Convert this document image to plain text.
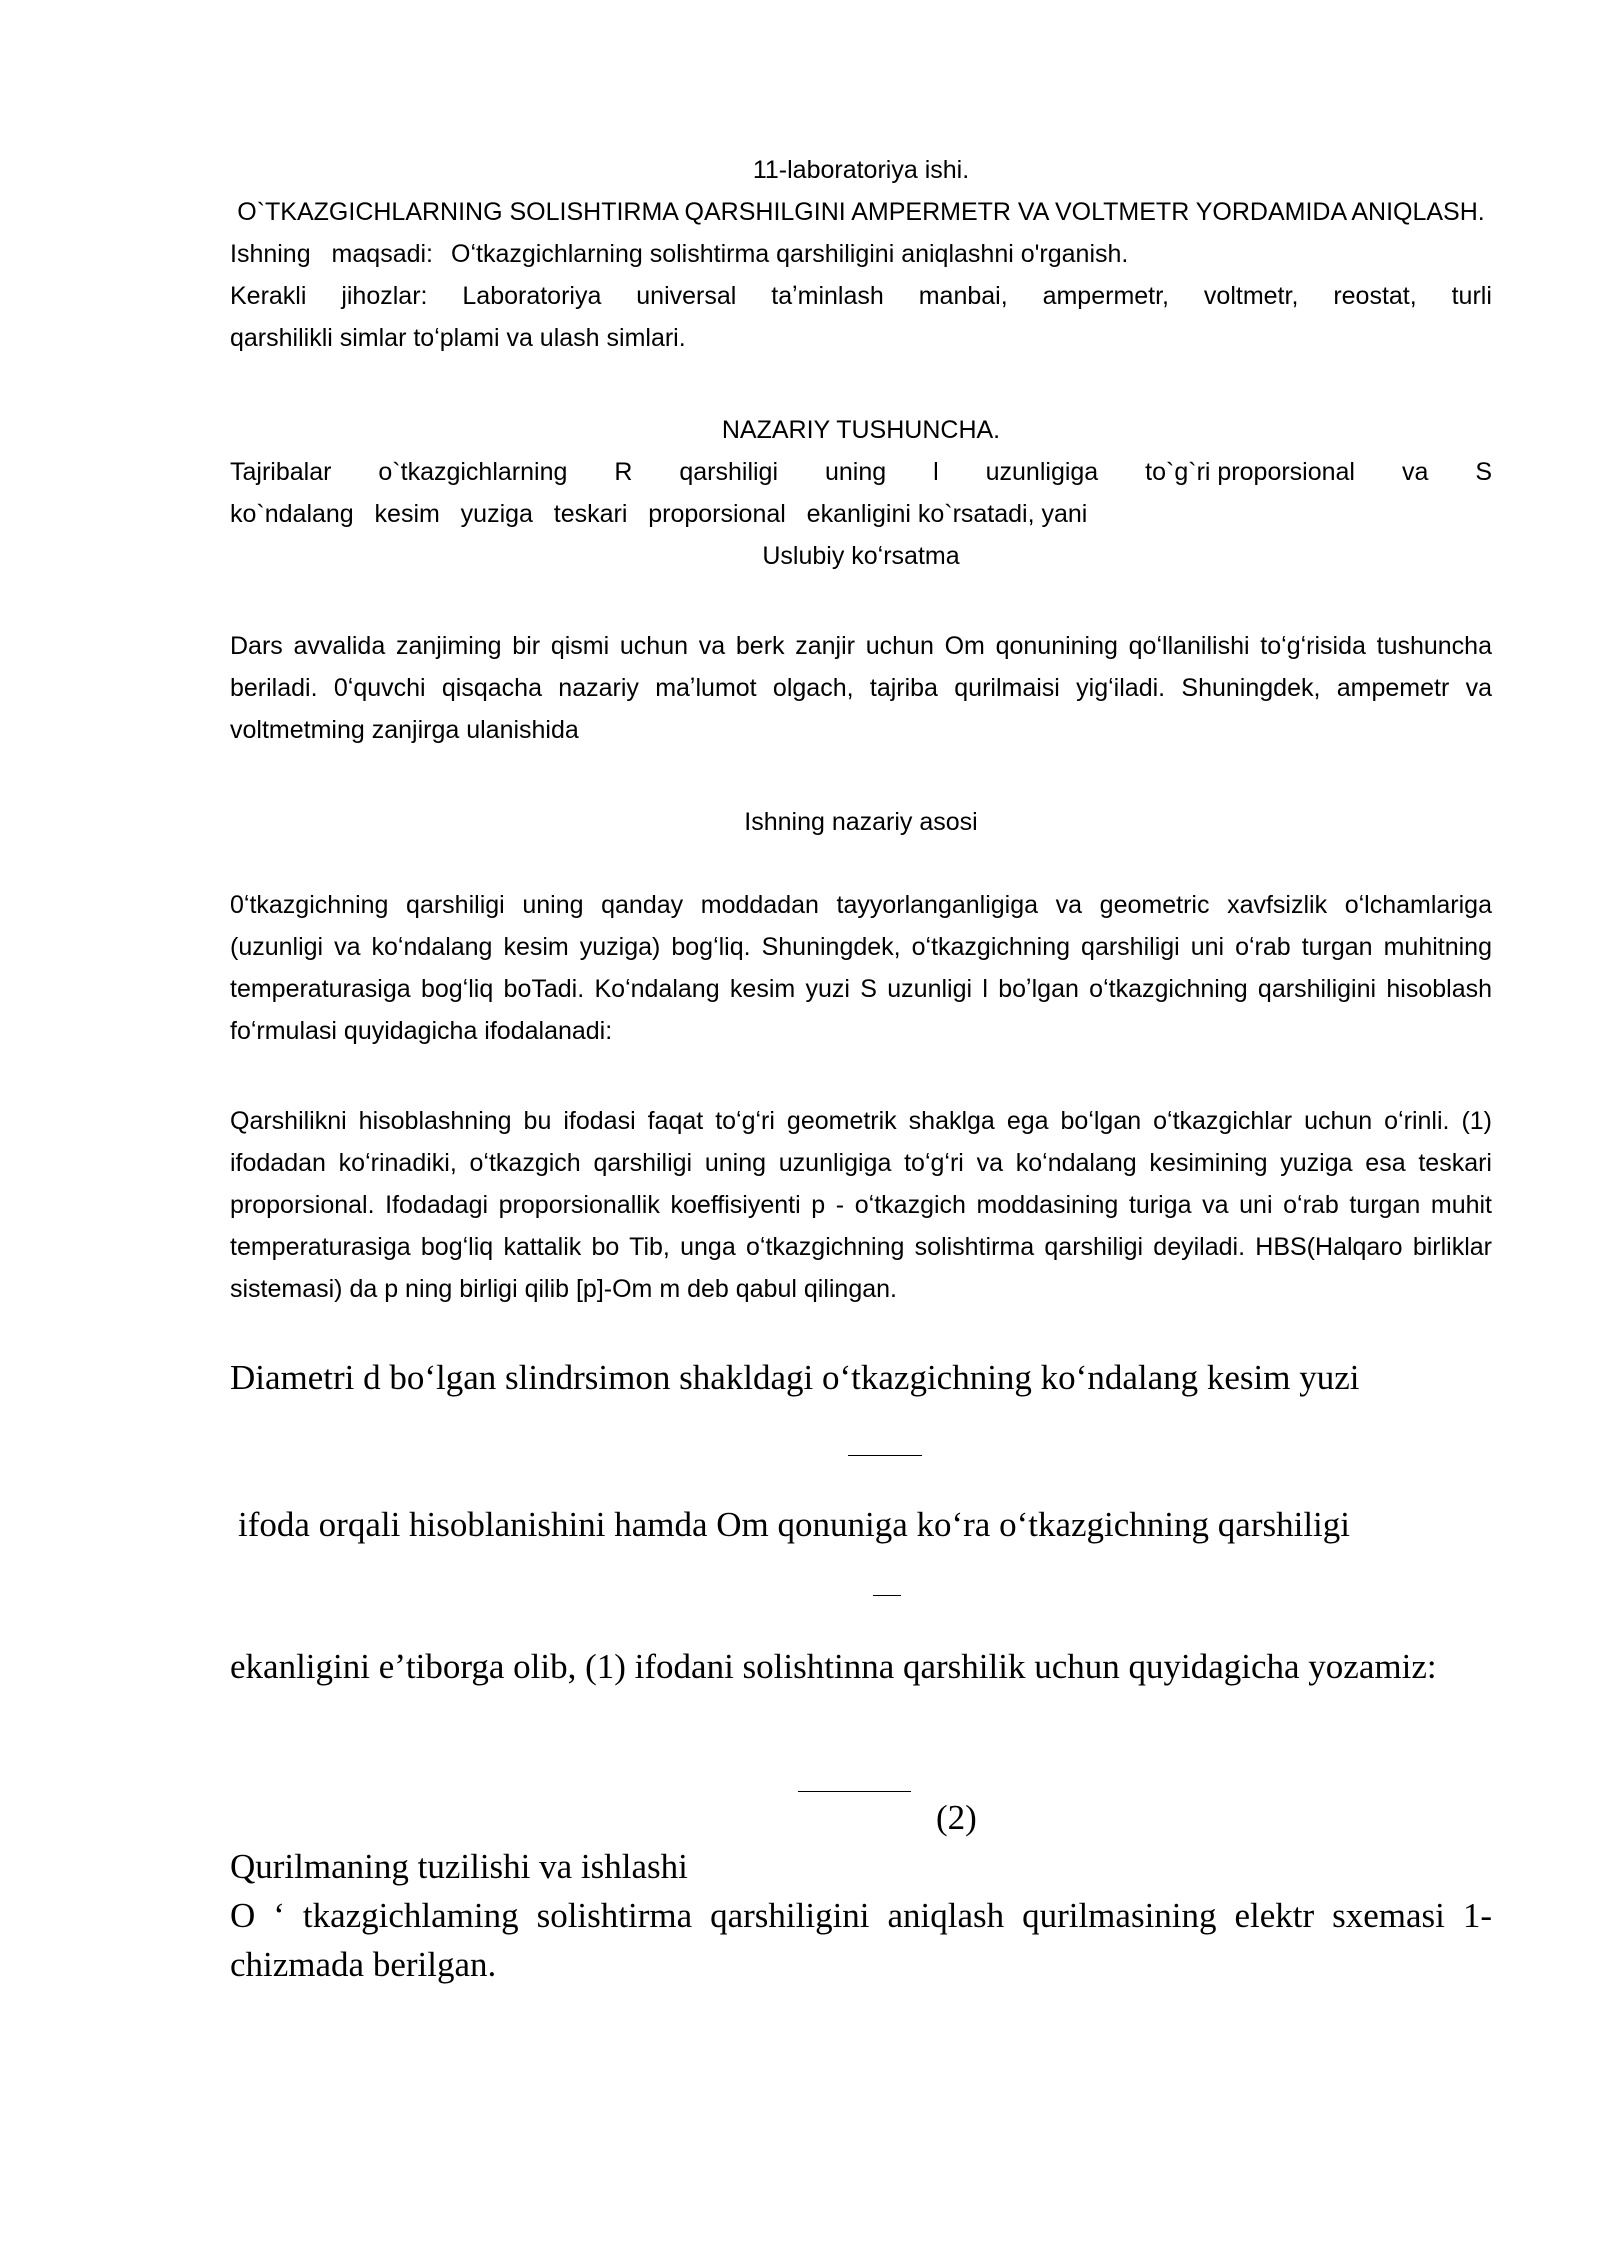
11-laboratoriya ishi.
O`TKAZGICHLARNING SOLISHTIRMA QARSHILGINI AMPERMETR VA VOLTMETR YORDAMIDA ANIQLASH.
Ishning maqsadi: Oʻtkazgichlarning solishtirma qarshiligini aniqlashni o'rganish.
Kerakli jihozlar: Laboratoriya universal taʼminlash manbai, ampermetr, voltmetr, reostat, turli
qarshilikli simlar toʻplami va ulash simlari.
NAZARIY TUSHUNCHA.
Tajribalar o`tkazgichlarning R qarshiligi uning l uzunligiga to`g`ri proporsional va S
ko`ndalang   kesim   yuziga   teskari   proporsional   ekanligini ko`rsatadi, yani
Uslubiy koʻrsatma

Dars avvalida zanjiming bir qismi uchun va berk zanjir uchun Om qonunining qoʻllanilishi toʻgʻrisida tushuncha beriladi. 0ʻquvchi qisqacha nazariy maʼlumot olgach, tajriba qurilmaisi yigʻiladi. Shuningdek, ampemetr va voltmetming zanjirga ulanishida

Ishning nazariy asosi

0ʻtkazgichning qarshiligi uning qanday moddadan tayyorlanganligiga va geometric xavfsizlik oʻlchamlariga (uzunligi va koʻndalang kesim yuziga) bogʻliq. Shuningdek, oʻtkazgichning qarshiligi uni oʻrab turgan muhitning temperaturasiga bogʻliq boTadi. Koʻndalang kesim yuzi S uzunligi l boʼlgan oʻtkazgichning qarshiligini hisoblash foʻrmulasi quyidagicha ifodalanadi:

Qarshilikni hisoblashning bu ifodasi faqat toʻgʻri geometrik shaklga ega boʻlgan oʻtkazgichlar uchun oʻrinli. (1) ifodadan koʻrinadiki, oʻtkazgich qarshiligi uning uzunligiga toʻgʻri va koʻndalang kesimining yuziga esa teskari proporsional. Ifodadagi proporsionallik koeffisiyenti p - oʻtkazgich moddasining turiga va uni oʻrab turgan muhit temperaturasiga bogʻliq kattalik bo Tib, unga oʻtkazgichning solishtirma qarshiligi deyiladi. HBS(Halqaro birliklar sistemasi) da p ning birligi qilib [p]-Om m deb qabul qilingan.

Diametri d boʻlgan slindrsimon shakldagi oʻtkazgichning koʻndalang kesim yuzi
ifoda orqali hisoblanishini hamda Om qonuniga koʻra oʻtkazgichning qarshiligi

ekanligini eʼtiborga olib, (1) ifodani solishtinna qarshilik uchun quyidagicha yozamiz:

(2)
Qurilmaning tuzilishi va ishlashi

O ʻ tkazgichlaming solishtirma qarshiligini aniqlash qurilmasining elektr sxemasi 1- chizmada berilgan.
